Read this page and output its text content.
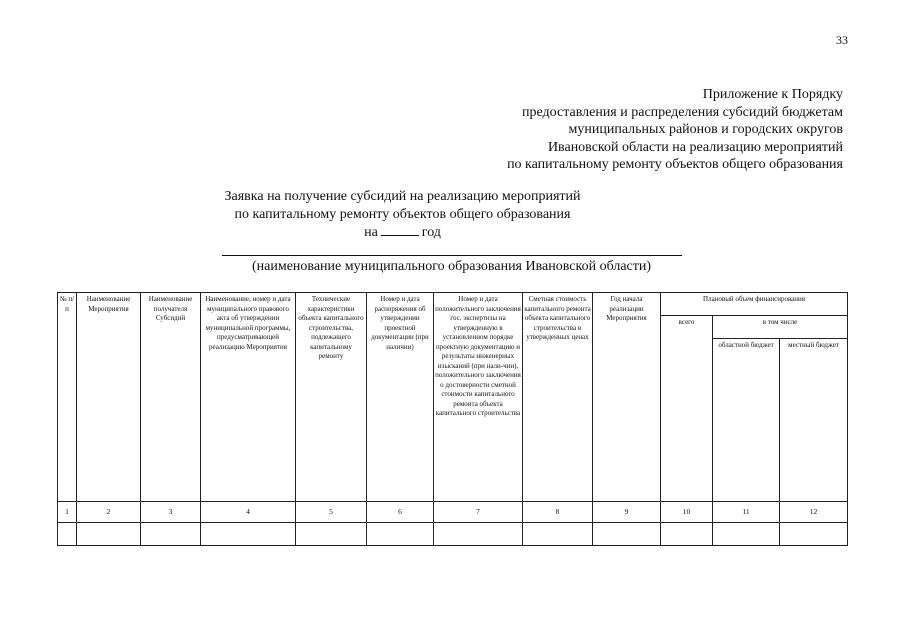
33
Приложение к Порядку
предоставления и распределения субсидий бюджетам
муниципальных районов и городских округов
Ивановской области на реализацию мероприятий
по капитальному ремонту объектов общего образования
Заявка на получение субсидий на реализацию мероприятий
по капитальному ремонту объектов общего образования
на	год
(наименование муниципального образования Ивановской области)
№ п/п	Наименование Мероприятия	Наименование получателя Субсидий	Наименование, номер и дата муниципального правового акта об утверждении муниципальной программы, предусматривающей реализацию Мероприятия	Технические характеристики объекта капитального строительства, подлежащего капитальному ремонту	Номер и дата распоряжения об утверждении проектной документации (при наличии)	Номер и дата положительного заключения гос. экспертизы на утвержденную в установленном порядке проектную документацию и результаты инженерных изысканий (при нали-чии), положительного заключения о достоверности сметной стоимости капитального ремонта объекта капитального строительства	Сметная стоимость капитального ремонта объекта капитального строительства в утвержденных ценах	Год начала реализации Мероприятия	Плановый объем финансирования		
									всего	в том числе	
										областной бюджет	местный бюджет
1	2	3	4	5	6	7	8	9	10	11	12
